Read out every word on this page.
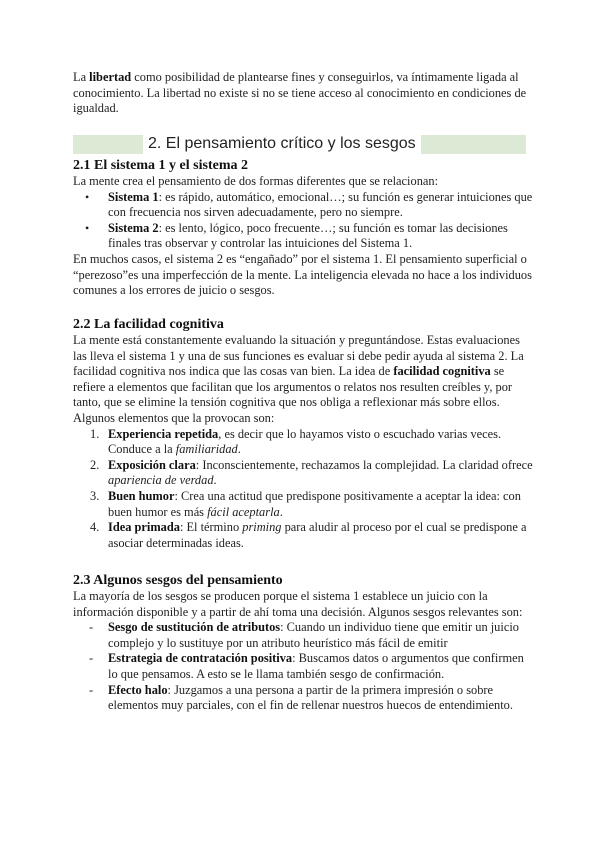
La libertad como posibilidad de plantearse fines y conseguirlos, va íntimamente ligada al conocimiento. La libertad no existe si no se tiene acceso al conocimiento en condiciones de igualdad.

2. El pensamiento crítico y los sesgos
2.1 El sistema 1 y el sistema 2

La mente crea el pensamiento de dos formas diferentes que se relacionan:

• Sistema 1: es rápido, automático, emocional…; su función es generar intuiciones que con frecuencia nos sirven adecuadamente, pero no siempre.
• Sistema 2: es lento, lógico, poco frecuente…; su función es tomar las decisiones finales tras observar y controlar las intuiciones del Sistema 1.

En muchos casos, el sistema 2 es “engañado” por el sistema 1. El pensamiento superficial o “perezoso”es una imperfección de la mente. La inteligencia elevada no hace a los individuos comunes a los errores de juicio o sesgos.

2.2 La facilidad cognitiva

La mente está constantemente evaluando la situación y preguntándose. Estas evaluaciones las lleva el sistema 1 y una de sus funciones es evaluar si debe pedir ayuda al sistema 2. La facilidad cognitiva nos indica que las cosas van bien. La idea de facilidad cognitiva se refiere a elementos que facilitan que los argumentos o relatos nos resulten creíbles y, por tanto, que se elimine la tensión cognitiva que nos obliga a reflexionar más sobre ellos. Algunos elementos que la provocan son:

1. Experiencia repetida, es decir que lo hayamos visto o escuchado varias veces. Conduce a la familiaridad.
2. Exposición clara: Inconscientemente, rechazamos la complejidad. La claridad ofrece apariencia de verdad.
3. Buen humor: Crea una actitud que predispone positivamente a aceptar la idea: con buen humor es más fácil aceptarla.
4. Idea primada: El término priming para aludir al proceso por el cual se predispone a asociar determinadas ideas.
2.3 Algunos sesgos del pensamiento

La mayoría de los sesgos se producen porque el sistema 1 establece un juicio con la información disponible y a partir de ahí toma una decisión. Algunos sesgos relevantes son:

- Sesgo de sustitución de atributos: Cuando un individuo tiene que emitir un juicio complejo y lo sustituye por un atributo heurístico más fácil de emitir
- Estrategia de contratación positiva: Buscamos datos o argumentos que confirmen lo que pensamos. A esto se le llama también sesgo de confirmación.
- Efecto halo: Juzgamos a una persona a partir de la primera impresión o sobre elementos muy parciales, con el fin de rellenar nuestros huecos de entendimiento.
